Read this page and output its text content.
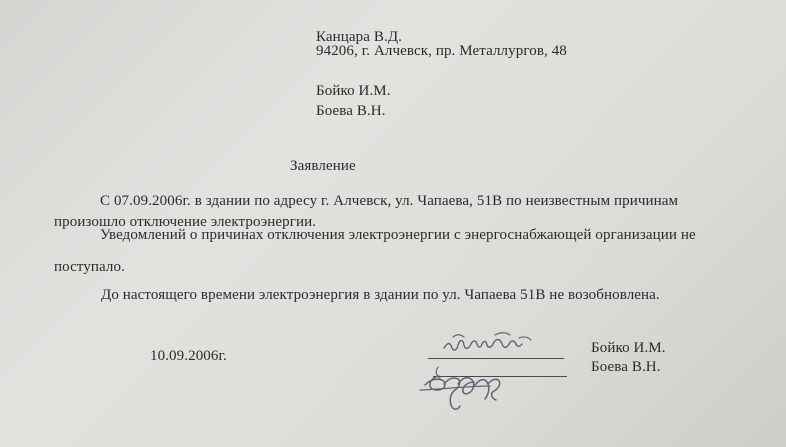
Канцара В.Д.
94206, г. Алчевск, пр. Металлургов, 48
Бойко И.М.
Боева В.Н.
Заявление
С 07.09.2006г. в здании по адресу г. Алчевск, ул. Чапаева, 51В по неизвестным причинам
произошло отключение электроэнергии.
Уведомлений о причинах отключения электроэнергии с энергоснабжающей организации не
поступало.
До настоящего времени электроэнергия в здании по ул. Чапаева 51В не возобновлена.
10.09.2006г.	Бойко И.М.
Боева В.Н.
